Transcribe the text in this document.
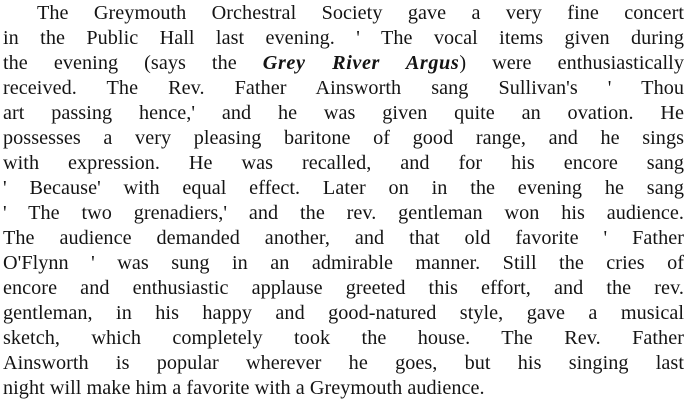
The Greymouth Orchestral Society gave a very fine concert
in the Public Hall last evening. ' The vocal items given during
the evening (says the Grey River Argus) were enthusiastically
received. The Rev. Father Ainsworth sang Sullivan's ' Thou
art passing hence,' and he was given quite an ovation. He
possesses a very pleasing baritone of good range, and he sings
with expression. He was recalled, and for his encore sang
' Because' with equal effect. Later on in the evening he sang
' The two grenadiers,' and the rev. gentleman won his audience.
The audience demanded another, and that old favorite ' Father
O'Flynn ' was sung in an admirable manner. Still the cries of
encore and enthusiastic applause greeted this effort, and the rev.
gentleman, in his happy and good-natured style, gave a musical
sketch, which completely took the house. The Rev. Father
Ainsworth is popular wherever he goes, but his singing last
night will make him a favorite with a Greymouth audience.
